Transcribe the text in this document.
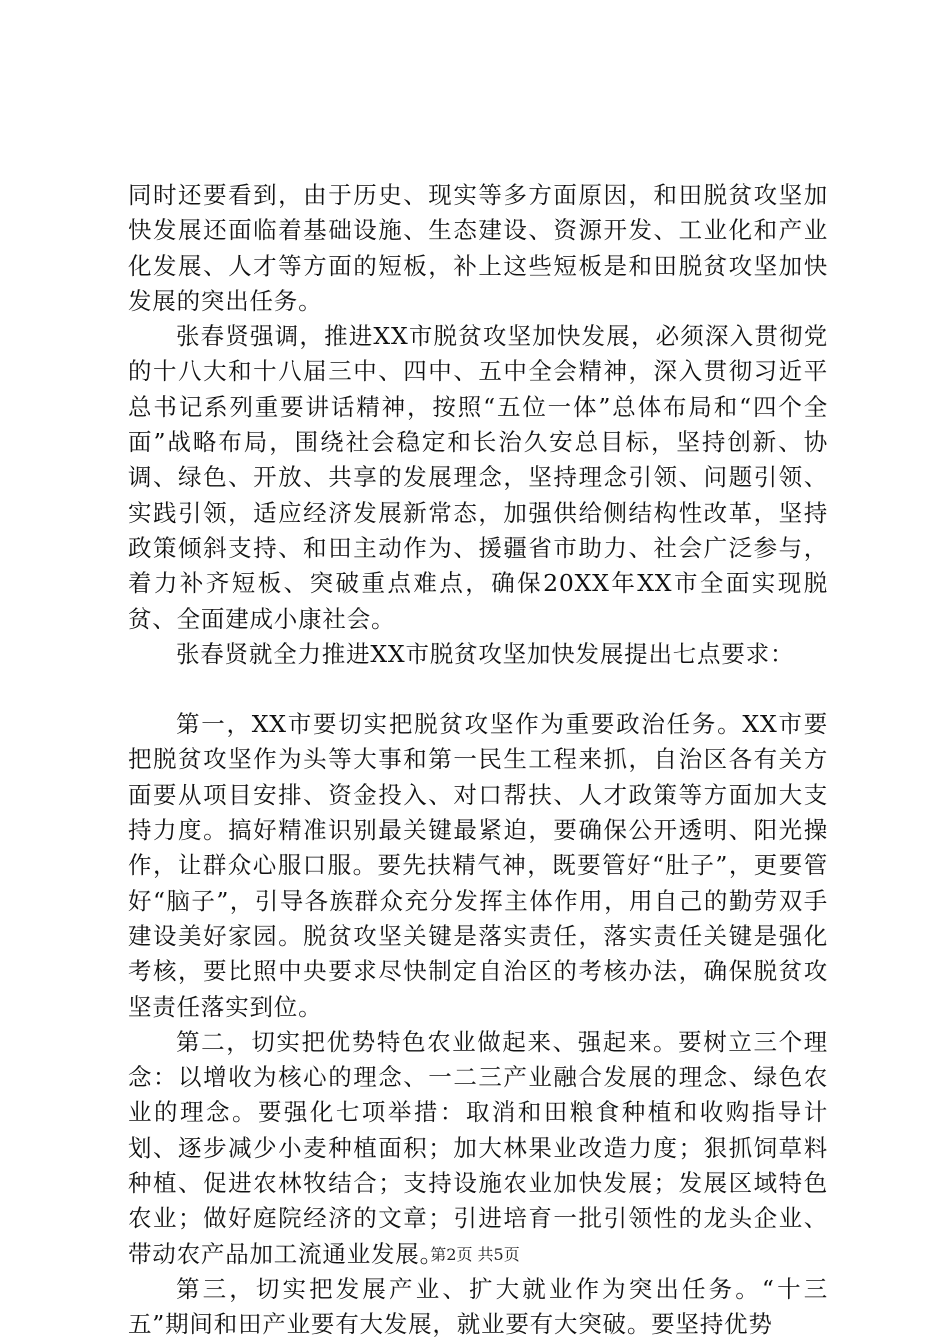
同时还要看到，由于历史、现实等多方面原因，和田脱贫攻坚加快发展还面临着基础设施、生态建设、资源开发、工业化和产业化发展、人才等方面的短板，补上这些短板是和田脱贫攻坚加快发展的突出任务。

张春贤强调，推进XX市脱贫攻坚加快发展，必须深入贯彻党的十八大和十八届三中、四中、五中全会精神，深入贯彻习近平总书记系列重要讲话精神，按照“五位一体”总体布局和“四个全面”战略布局，围绕社会稳定和长治久安总目标，坚持创新、协调、绿色、开放、共享的发展理念，坚持理念引领、问题引领、实践引领，适应经济发展新常态，加强供给侧结构性改革，坚持政策倾斜支持、和田主动作为、援疆省市助力、社会广泛参与，着力补齐短板、突破重点难点，确保20XX年XX市全面实现脱贫、全面建成小康社会。

张春贤就全力推进XX市脱贫攻坚加快发展提出七点要求：

第一，XX市要切实把脱贫攻坚作为重要政治任务。XX市要把脱贫攻坚作为头等大事和第一民生工程来抓，自治区各有关方面要从项目安排、资金投入、对口帮扶、人才政策等方面加大支持力度。搞好精准识别最关键最紧迫，要确保公开透明、阳光操作，让群众心服口服。要先扶精气神，既要管好“肚子”，更要管好“脑子”，引导各族群众充分发挥主体作用，用自己的勤劳双手建设美好家园。脱贫攻坚关键是落实责任，落实责任关键是强化考核，要比照中央要求尽快制定自治区的考核办法，确保脱贫攻坚责任落实到位。

第二，切实把优势特色农业做起来、强起来。要树立三个理念：以增收为核心的理念、一二三产业融合发展的理念、绿色农业的理念。要强化七项举措：取消和田粮食种植和收购指导计划、逐步减少小麦种植面积；加大林果业改造力度；狠抓饲草料种植、促进农林牧结合；支持设施农业加快发展；发展区域特色农业；做好庭院经济的文章；引进培育一批引领性的龙头企业、带动农产品加工流通业发展。

第三，切实把发展产业、扩大就业作为突出任务。“十三五”期间和田产业要有大发展，就业要有大突破。要坚持优势

第2页 共5页
